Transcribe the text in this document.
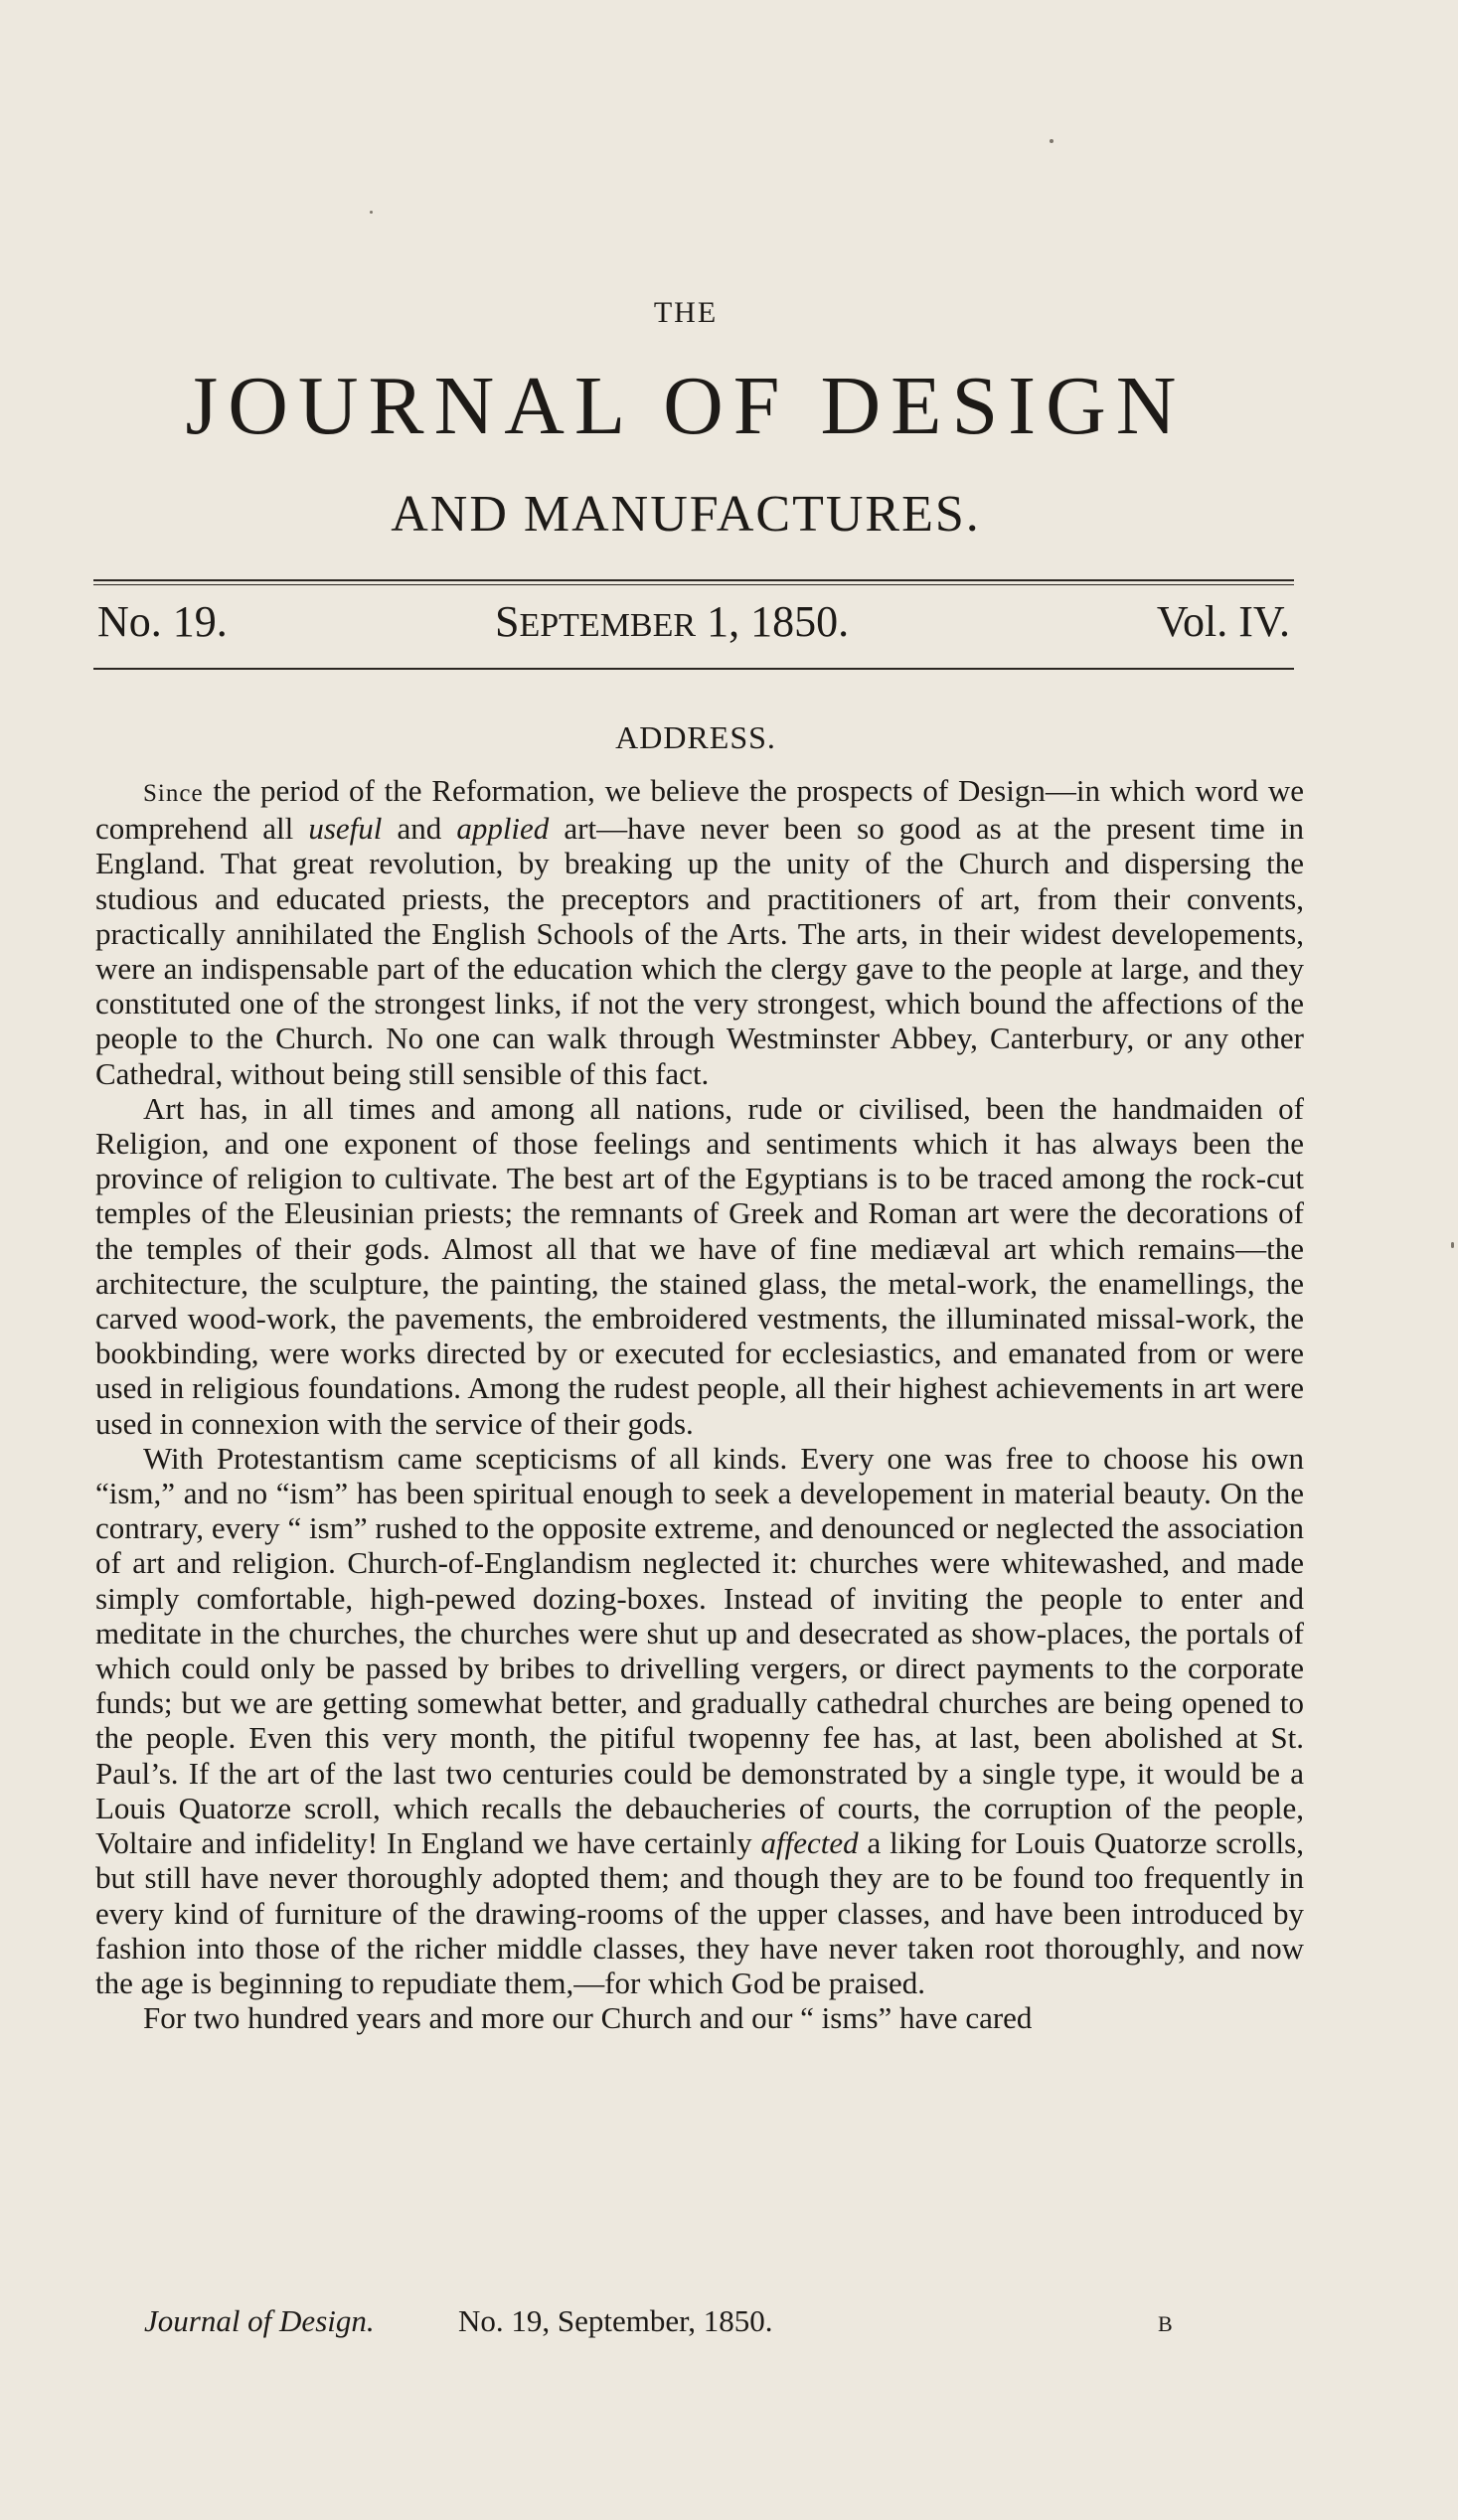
THE
JOURNAL OF DESIGN
AND MANUFACTURES.
No. 19.	SEPTEMBER 1, 1850.	Vol. IV.
ADDRESS.

Since the period of the Reformation, we believe the prospects of Design—in which word we comprehend all useful and applied art—have never been so good as at the present time in England. That great revolution, by breaking up the unity of the Church and dispersing the studious and educated priests, the preceptors and practitioners of art, from their convents, practically annihilated the English Schools of the Arts. The arts, in their widest developements, were an indispensable part of the education which the clergy gave to the people at large, and they constituted one of the strongest links, if not the very strongest, which bound the affections of the people to the Church. No one can walk through Westminster Abbey, Canterbury, or any other Cathedral, without being still sensible of this fact.

Art has, in all times and among all nations, rude or civilised, been the handmaiden of Religion, and one exponent of those feelings and sentiments which it has always been the province of religion to cultivate. The best art of the Egyptians is to be traced among the rock-cut temples of the Eleusinian priests; the remnants of Greek and Roman art were the decorations of the temples of their gods. Almost all that we have of fine mediæval art which remains—the architecture, the sculpture, the painting, the stained glass, the metal-work, the enamellings, the carved wood-work, the pavements, the embroidered vestments, the illuminated missal-work, the bookbinding, were works directed by or executed for ecclesiastics, and emanated from or were used in religious foundations. Among the rudest people, all their highest achievements in art were used in connexion with the service of their gods.

With Protestantism came scepticisms of all kinds. Every one was free to choose his own “ism,” and no “ism” has been spiritual enough to seek a developement in material beauty. On the contrary, every “ ism” rushed to the opposite extreme, and denounced or neglected the association of art and religion. Church-of-Englandism neglected it: churches were whitewashed, and made simply comfortable, high-pewed dozing-boxes. Instead of inviting the people to enter and meditate in the churches, the churches were shut up and desecrated as show-places, the portals of which could only be passed by bribes to drivelling vergers, or direct payments to the corporate funds; but we are getting somewhat better, and gradually cathedral churches are being opened to the people. Even this very month, the pitiful twopenny fee has, at last, been abolished at St. Paul’s. If the art of the last two centuries could be demonstrated by a single type, it would be a Louis Quatorze scroll, which recalls the debaucheries of courts, the corruption of the people, Voltaire and infidelity! In England we have certainly affected a liking for Louis Quatorze scrolls, but still have never thoroughly adopted them; and though they are to be found too frequently in every kind of furniture of the drawing-rooms of the upper classes, and have been introduced by fashion into those of the richer middle classes, they have never taken root thoroughly, and now the age is beginning to repudiate them,—for which God be praised.

For two hundred years and more our Church and our “ isms” have cared

Journal of Design.	No. 19, September, 1850.	B
